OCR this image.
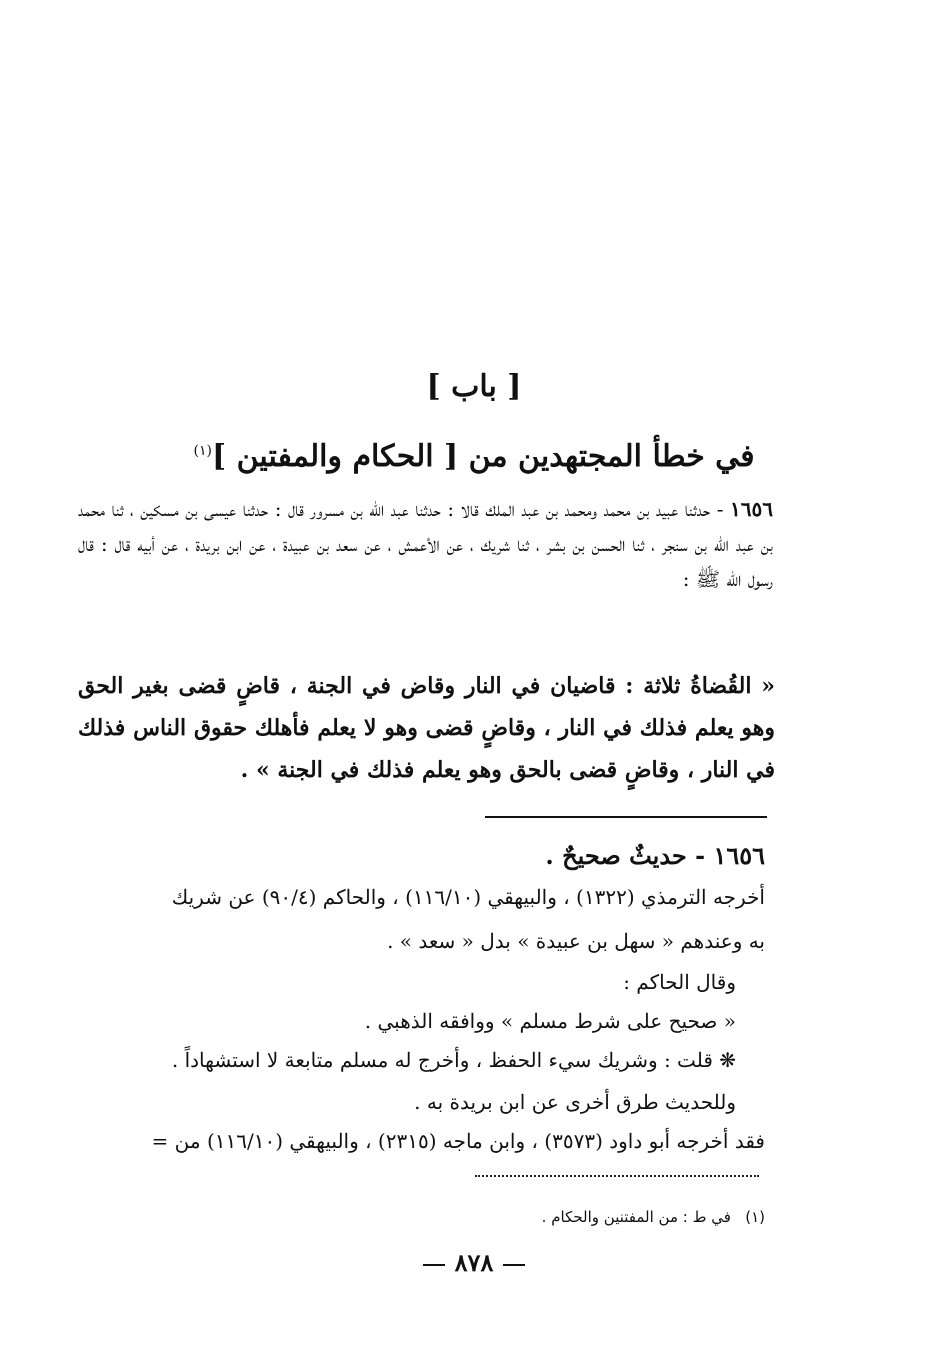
[ باب ]
في خطأ المجتهدين من [ الحكام والمفتين ]$^{(١)}$
١٦٥٦ - حدثنا عبيد بن محمد ومحمد بن عبد الملك قالا : حدثنا عبد الله بن مسرور قال : حدثنا عيسى بن مسكين ، ثنا محمد بن عبد الله بن سنجر ، ثنا الحسن بن بشر ، ثنا شريك ، عن الأعمش ، عن سعد بن عبيدة ، عن ابن بريدة ، عن أبيه قال : قال رسول الله ﷺ :
« القُضاةُ ثلاثة : قاضيان في النار وقاض في الجنة ، قاضٍ قضى بغير الحق وهو يعلم فذلك في النار ، وقاضٍ قضى وهو لا يعلم فأهلك حقوق الناس فذلك في النار ، وقاضٍ قضى بالحق وهو يعلم فذلك في الجنة » .
١٦٥٦ - حديثٌ صحيحٌ .
أخرجه الترمذي (١٣٢٢) ، والبيهقي (١١٦/١٠) ، والحاكم (٩٠/٤) عن شريك
به وعندهم « سهل بن عبيدة » بدل « سعد » .
وقال الحاكم :
« صحيح على شرط مسلم » ووافقه الذهبي .
❋ قلت : وشريك سيء الحفظ ، وأخرج له مسلم متابعة لا استشهاداً .
وللحديث طرق أخرى عن ابن بريدة به .
فقد أخرجه أبو داود (٣٥٧٣) ، وابن ماجه (٢٣١٥) ، والبيهقي (١١٦/١٠) من =
(١)   في ط : من المفتنين والحكام .
٨٧٨
